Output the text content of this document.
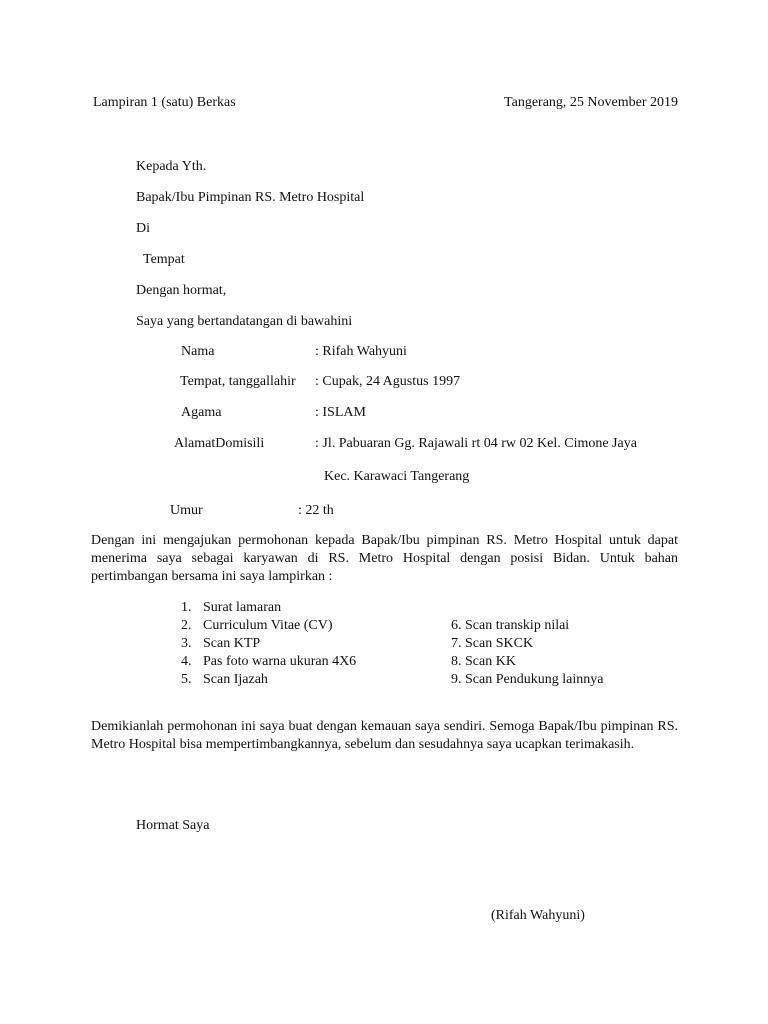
Lampiran 1 (satu) Berkas	Tangerang, 25 November 2019
Kepada Yth.
Bapak/Ibu Pimpinan RS. Metro Hospital
Di
Tempat
Dengan hormat,
Saya yang bertandatangan di bawahini
Nama	: Rifah Wahyuni
Tempat, tanggallahir : Cupak, 24 Agustus 1997
Agama	: ISLAM
AlamatDomisili	: Jl. Pabuaran Gg. Rajawali rt 04 rw 02 Kel. Cimone Jaya
Kec. Karawaci Tangerang
Umur	: 22 th

Dengan ini mengajukan permohonan kepada Bapak/Ibu pimpinan RS. Metro Hospital untuk dapat menerima saya sebagai karyawan di RS. Metro Hospital dengan posisi Bidan. Untuk bahan pertimbangan bersama ini saya lampirkan :

1. Surat lamaran
2. Curriculum Vitae (CV)
3. Scan KTP
4. Pas foto warna ukuran 4X6
5. Scan Ijazah
6. Scan transkip nilai
7. Scan SKCK
8. Scan KK
9. Scan Pendukung lainnya

Demikianlah permohonan ini saya buat dengan kemauan saya sendiri. Semoga Bapak/Ibu pimpinan RS. Metro Hospital bisa mempertimbangkannya, sebelum dan sesudahnya saya ucapkan terimakasih.

Hormat Saya
(Rifah Wahyuni)
